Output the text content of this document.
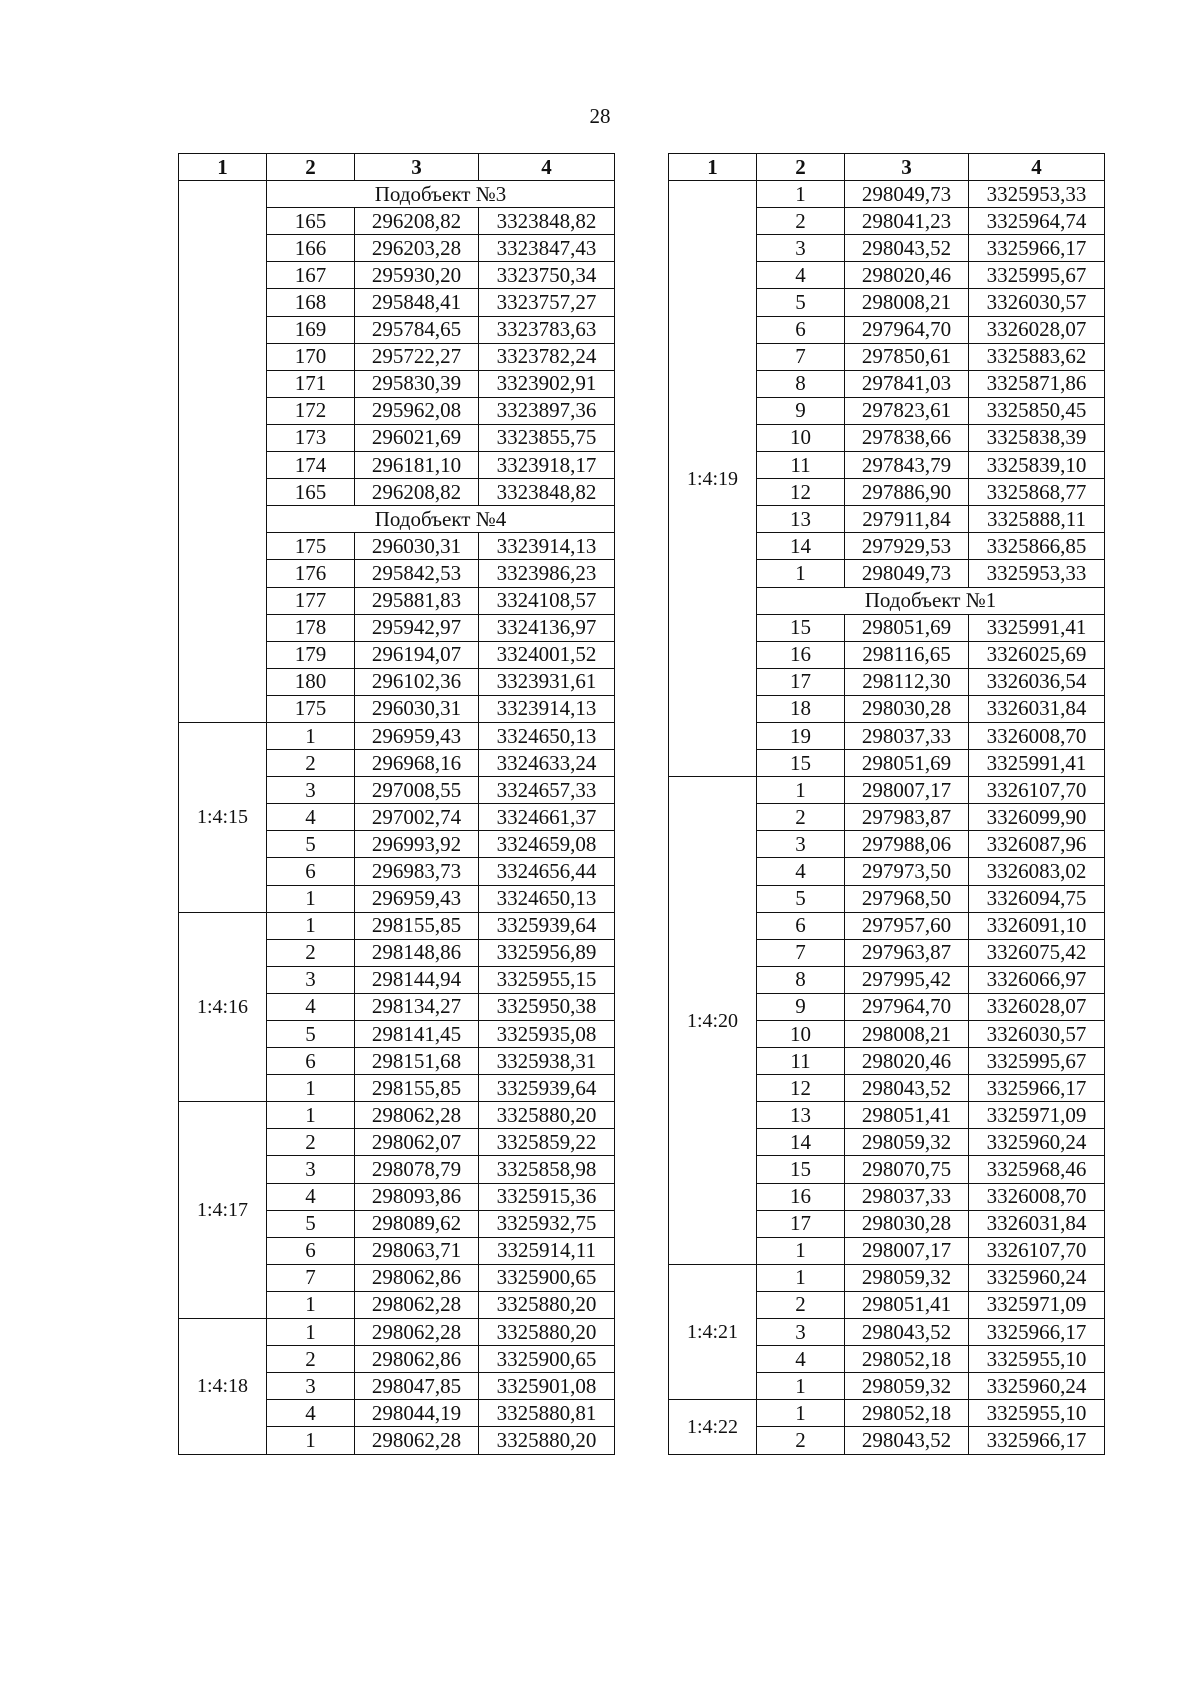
28
1	2	3	4
	Подобъект №3		
	165	296208,82	3323848,82
	166	296203,28	3323847,43
	167	295930,20	3323750,34
	168	295848,41	3323757,27
	169	295784,65	3323783,63
	170	295722,27	3323782,24
	171	295830,39	3323902,91
	172	295962,08	3323897,36
	173	296021,69	3323855,75
	174	296181,10	3323918,17
	165	296208,82	3323848,82
	Подобъект №4		
	175	296030,31	3323914,13
	176	295842,53	3323986,23
	177	295881,83	3324108,57
	178	295942,97	3324136,97
	179	296194,07	3324001,52
	180	296102,36	3323931,61
	175	296030,31	3323914,13
1:4:15	1	296959,43	3324650,13
	2	296968,16	3324633,24
	3	297008,55	3324657,33
	4	297002,74	3324661,37
	5	296993,92	3324659,08
	6	296983,73	3324656,44
	1	296959,43	3324650,13
1:4:16	1	298155,85	3325939,64
	2	298148,86	3325956,89
	3	298144,94	3325955,15
	4	298134,27	3325950,38
	5	298141,45	3325935,08
	6	298151,68	3325938,31
	1	298155,85	3325939,64
1:4:17	1	298062,28	3325880,20
	2	298062,07	3325859,22
	3	298078,79	3325858,98
	4	298093,86	3325915,36
	5	298089,62	3325932,75
	6	298063,71	3325914,11
	7	298062,86	3325900,65
	1	298062,28	3325880,20
1:4:18	1	298062,28	3325880,20
	2	298062,86	3325900,65
	3	298047,85	3325901,08
	4	298044,19	3325880,81
	1	298062,28	3325880,20
1	2	3	4
1:4:19	1	298049,73	3325953,33
	2	298041,23	3325964,74
	3	298043,52	3325966,17
	4	298020,46	3325995,67
	5	298008,21	3326030,57
	6	297964,70	3326028,07
	7	297850,61	3325883,62
	8	297841,03	3325871,86
	9	297823,61	3325850,45
	10	297838,66	3325838,39
	11	297843,79	3325839,10
	12	297886,90	3325868,77
	13	297911,84	3325888,11
	14	297929,53	3325866,85
	1	298049,73	3325953,33
	Подобъект №1		
	15	298051,69	3325991,41
	16	298116,65	3326025,69
	17	298112,30	3326036,54
	18	298030,28	3326031,84
	19	298037,33	3326008,70
	15	298051,69	3325991,41
1:4:20	1	298007,17	3326107,70
	2	297983,87	3326099,90
	3	297988,06	3326087,96
	4	297973,50	3326083,02
	5	297968,50	3326094,75
	6	297957,60	3326091,10
	7	297963,87	3326075,42
	8	297995,42	3326066,97
	9	297964,70	3326028,07
	10	298008,21	3326030,57
	11	298020,46	3325995,67
	12	298043,52	3325966,17
	13	298051,41	3325971,09
	14	298059,32	3325960,24
	15	298070,75	3325968,46
	16	298037,33	3326008,70
	17	298030,28	3326031,84
	1	298007,17	3326107,70
1:4:21	1	298059,32	3325960,24
	2	298051,41	3325971,09
	3	298043,52	3325966,17
	4	298052,18	3325955,10
	1	298059,32	3325960,24
1:4:22	1	298052,18	3325955,10
	2	298043,52	3325966,17
